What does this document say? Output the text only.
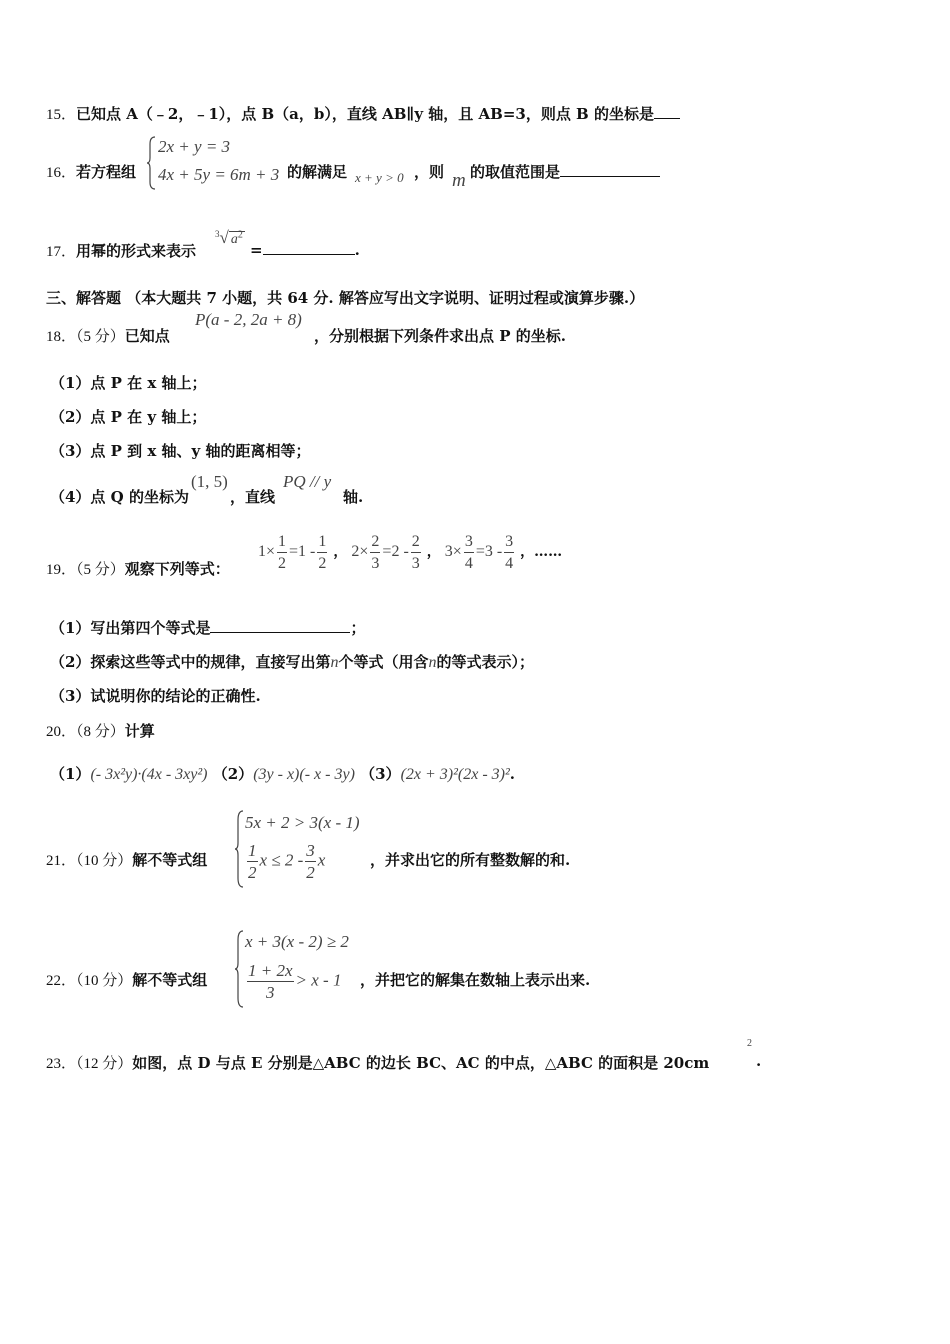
15．已知点 A（﹣2，﹣1），点 B（a，b），直线 AB∥y 轴，且 AB=3，则点 B 的坐标是
16．若方程组
2x + y = 3
4x + 5y = 6m + 3 的解满足 x + y > 0 ，则 m 的取值范围是
17．用幂的形式来表示
$^3$√ $a^2$
=	.
三、解答题 （本大题共 7 小题，共 64 分. 解答应写出文字说明、证明过程或演算步骤.）
18．（5 分）已知点
P(a - 2, 2a + 8)
，分别根据下列条件求出点 P 的坐标.
（1）点 P 在 x 轴上；
（2）点 P 在 y 轴上；
（3）点 P 到 x 轴、y 轴的距离相等；
（4）点 Q 的坐标为
(1, 5)
，直线
PQ // y
轴.
19．（5 分）观察下列等式：
$1\times \frac{1}{2} =1 - \frac{1}{2}$ ， $2\times \frac{2}{3} =2 - \frac{2}{3}$ ， $3\times \frac{3}{4} =3 - \frac{3}{4}$ ，……
（1）写出第四个等式是	；
（2）探索这些等式中的规律，直接写出第n个等式（用含n的等式表示）；
（3）试说明你的结论的正确性.
20．（8 分）计算
（1）(- 3x²y)·(4x - 3xy²) （2）(3y - x)(- x - 3y) （3）(2x + 3)²(2x - 3)².
21．（10 分）解不等式组
5x + 2 > 3(x - 1)
$\frac{1}{2}$ $x \le 2 - \frac{3}{2}$ x	，并求出它的所有整数解的和.
22．（10 分）解不等式组
x + 3(x - 2) ≥ 2
$\frac{1 + 2x}{3} > x - 1$ ，并把它的解集在数轴上表示出来.
23．（12 分）如图，点 D 与点 E 分别是△ABC 的边长 BC、AC 的中点，△ABC 的面积是 20cm
2
.
